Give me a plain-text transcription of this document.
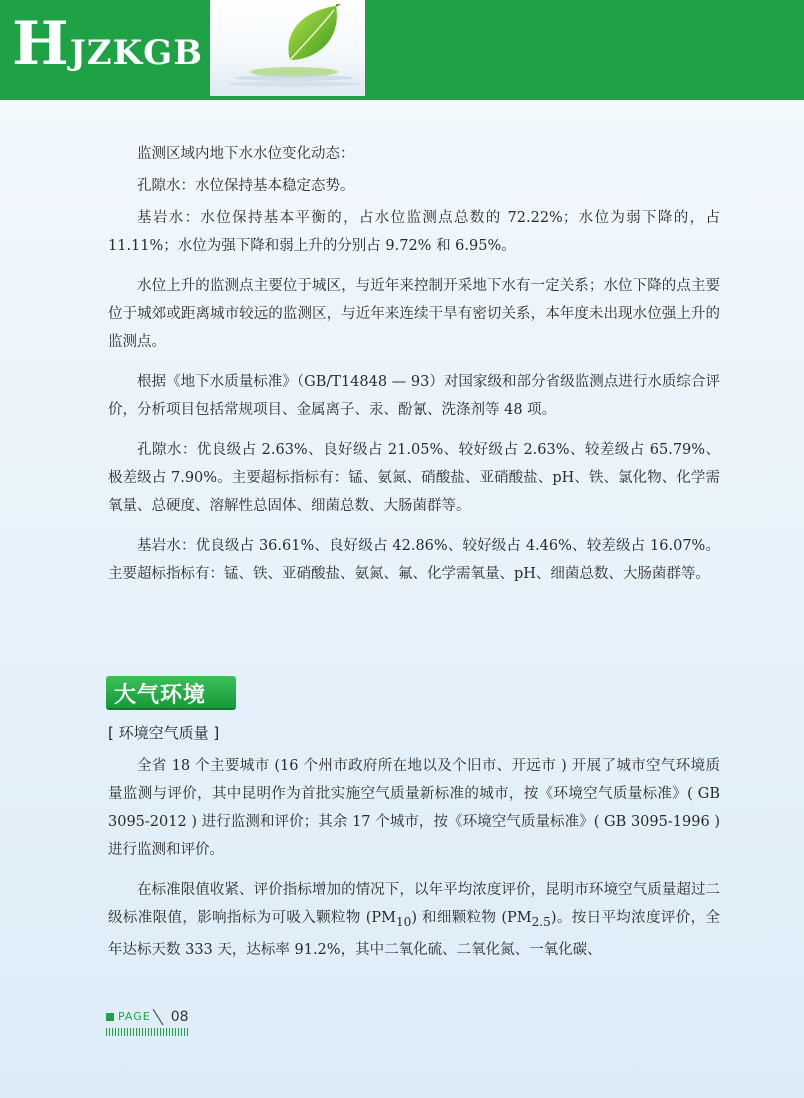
HJZKGB

监测区域内地下水水位变化动态：

孔隙水：水位保持基本稳定态势。

基岩水：水位保持基本平衡的，占水位监测点总数的 72.22%；水位为弱下降的，占 11.11%；水位为强下降和弱上升的分别占 9.72% 和 6.95%。

水位上升的监测点主要位于城区，与近年来控制开采地下水有一定关系；水位下降的点主要位于城郊或距离城市较远的监测区，与近年来连续干旱有密切关系，本年度未出现水位强上升的监测点。

根据《地下水质量标准》（GB/T14848 — 93）对国家级和部分省级监测点进行水质综合评价，分析项目包括常规项目、金属离子、汞、酚氰、洗涤剂等 48 项。

孔隙水：优良级占 2.63%、良好级占 21.05%、较好级占 2.63%、较差级占 65.79%、极差级占 7.90%。主要超标指标有：锰、氨氮、硝酸盐、亚硝酸盐、pH、铁、氯化物、化学需氧量、总硬度、溶解性总固体、细菌总数、大肠菌群等。

基岩水：优良级占 36.61%、良好级占 42.86%、较好级占 4.46%、较差级占 16.07%。主要超标指标有：锰、铁、亚硝酸盐、氨氮、氟、化学需氧量、pH、细菌总数、大肠菌群等。

大气环境
[ 环境空气质量 ]

全省 18 个主要城市 (16 个州市政府所在地以及个旧市、开远市 ) 开展了城市空气环境质量监测与评价，其中昆明作为首批实施空气质量新标准的城市，按《环境空气质量标准》( GB 3095-2012 ) 进行监测和评价；其余 17 个城市，按《环境空气质量标准》( GB 3095-1996 ) 进行监测和评价。

在标准限值收紧、评价指标增加的情况下，以年平均浓度评价，昆明市环境空气质量超过二级标准限值，影响指标为可吸入颗粒物 $(PM_{10})$ 和细颗粒物 $(PM_{2.5})$。按日平均浓度评价，全年达标天数 333 天，达标率 91.2%，其中二氧化硫、二氧化氮、一氧化碳、

PAGE 08
